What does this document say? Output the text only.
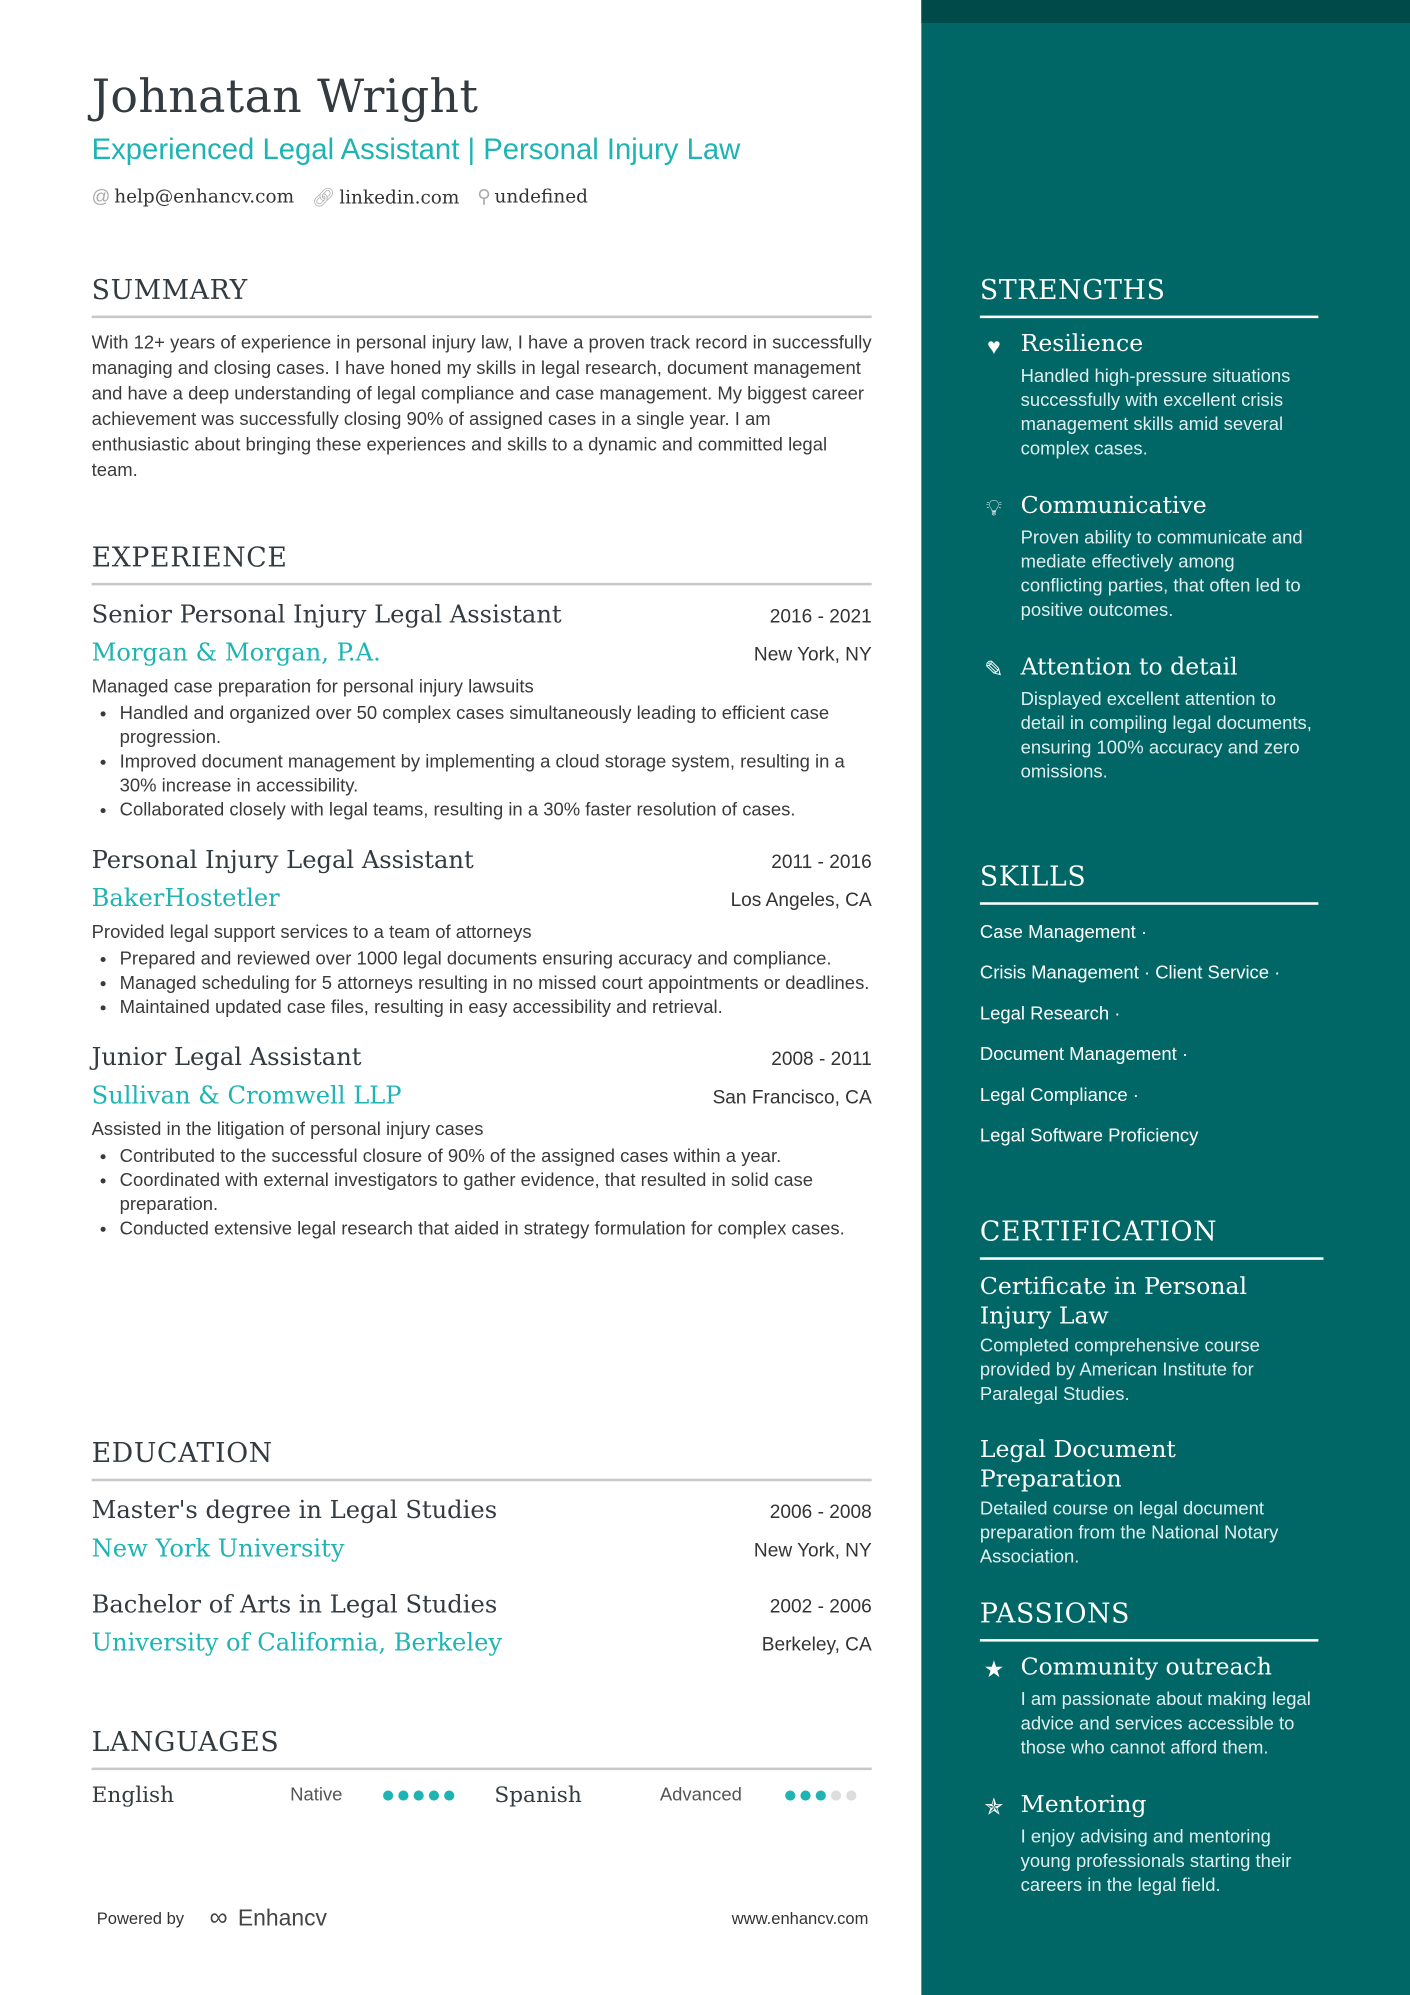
Johnatan Wright
Experienced Legal Assistant | Personal Injury Law
@ help@enhancv.com 🔗︎ linkedin.com ⚲ undefined
SUMMARY
With 12+ years of experience in personal injury law, I have a proven track record in successfully managing and closing cases. I have honed my skills in legal research, document management and have a deep understanding of legal compliance and case management. My biggest career achievement was successfully closing 90% of assigned cases in a single year. I am enthusiastic about bringing these experiences and skills to a dynamic and committed legal team.
EXPERIENCE
Senior Personal Injury Legal Assistant	2016 - 2021
Morgan & Morgan, P.A.	New York, NY
Managed case preparation for personal injury lawsuits
• Handled and organized over 50 complex cases simultaneously leading to efficient case progression.
• Improved document management by implementing a cloud storage system, resulting in a 30% increase in accessibility.
• Collaborated closely with legal teams, resulting in a 30% faster resolution of cases.
Personal Injury Legal Assistant	2011 - 2016
BakerHostetler	Los Angeles, CA
Provided legal support services to a team of attorneys
• Prepared and reviewed over 1000 legal documents ensuring accuracy and compliance.
• Managed scheduling for 5 attorneys resulting in no missed court appointments or deadlines.
• Maintained updated case files, resulting in easy accessibility and retrieval.
Junior Legal Assistant	2008 - 2011
Sullivan & Cromwell LLP	San Francisco, CA
Assisted in the litigation of personal injury cases
• Contributed to the successful closure of 90% of the assigned cases within a year.
• Coordinated with external investigators to gather evidence, that resulted in solid case preparation.
• Conducted extensive legal research that aided in strategy formulation for complex cases.
EDUCATION
Master's degree in Legal Studies	2006 - 2008
New York University	New York, NY
Bachelor of Arts in Legal Studies	2002 - 2006
University of California, Berkeley	Berkeley, CA
LANGUAGES
English	Native	Spanish	Advanced
Powered by ∞ Enhancv	www.enhancv.com
STRENGTHS
♥	Resilience
Handled high-pressure situations successfully with excellent crisis management skills amid several complex cases.
💡︎	Communicative
Proven ability to communicate and mediate effectively among conflicting parties, that often led to positive outcomes.
✎ Attention to detail
Displayed excellent attention to detail in compiling legal documents, ensuring 100% accuracy and zero omissions.
SKILLS
Case Management ·
Crisis Management · Client Service ·
Legal Research ·
Document Management ·
Legal Compliance ·
Legal Software Proficiency
CERTIFICATION
Certificate in Personal Injury Law
Completed comprehensive course provided by American Institute for Paralegal Studies.
Legal Document Preparation
Detailed course on legal document preparation from the National Notary Association.
PASSIONS
★ Community outreach
I am passionate about making legal advice and services accessible to those who cannot afford them.
✯ Mentoring
I enjoy advising and mentoring young professionals starting their careers in the legal field.
